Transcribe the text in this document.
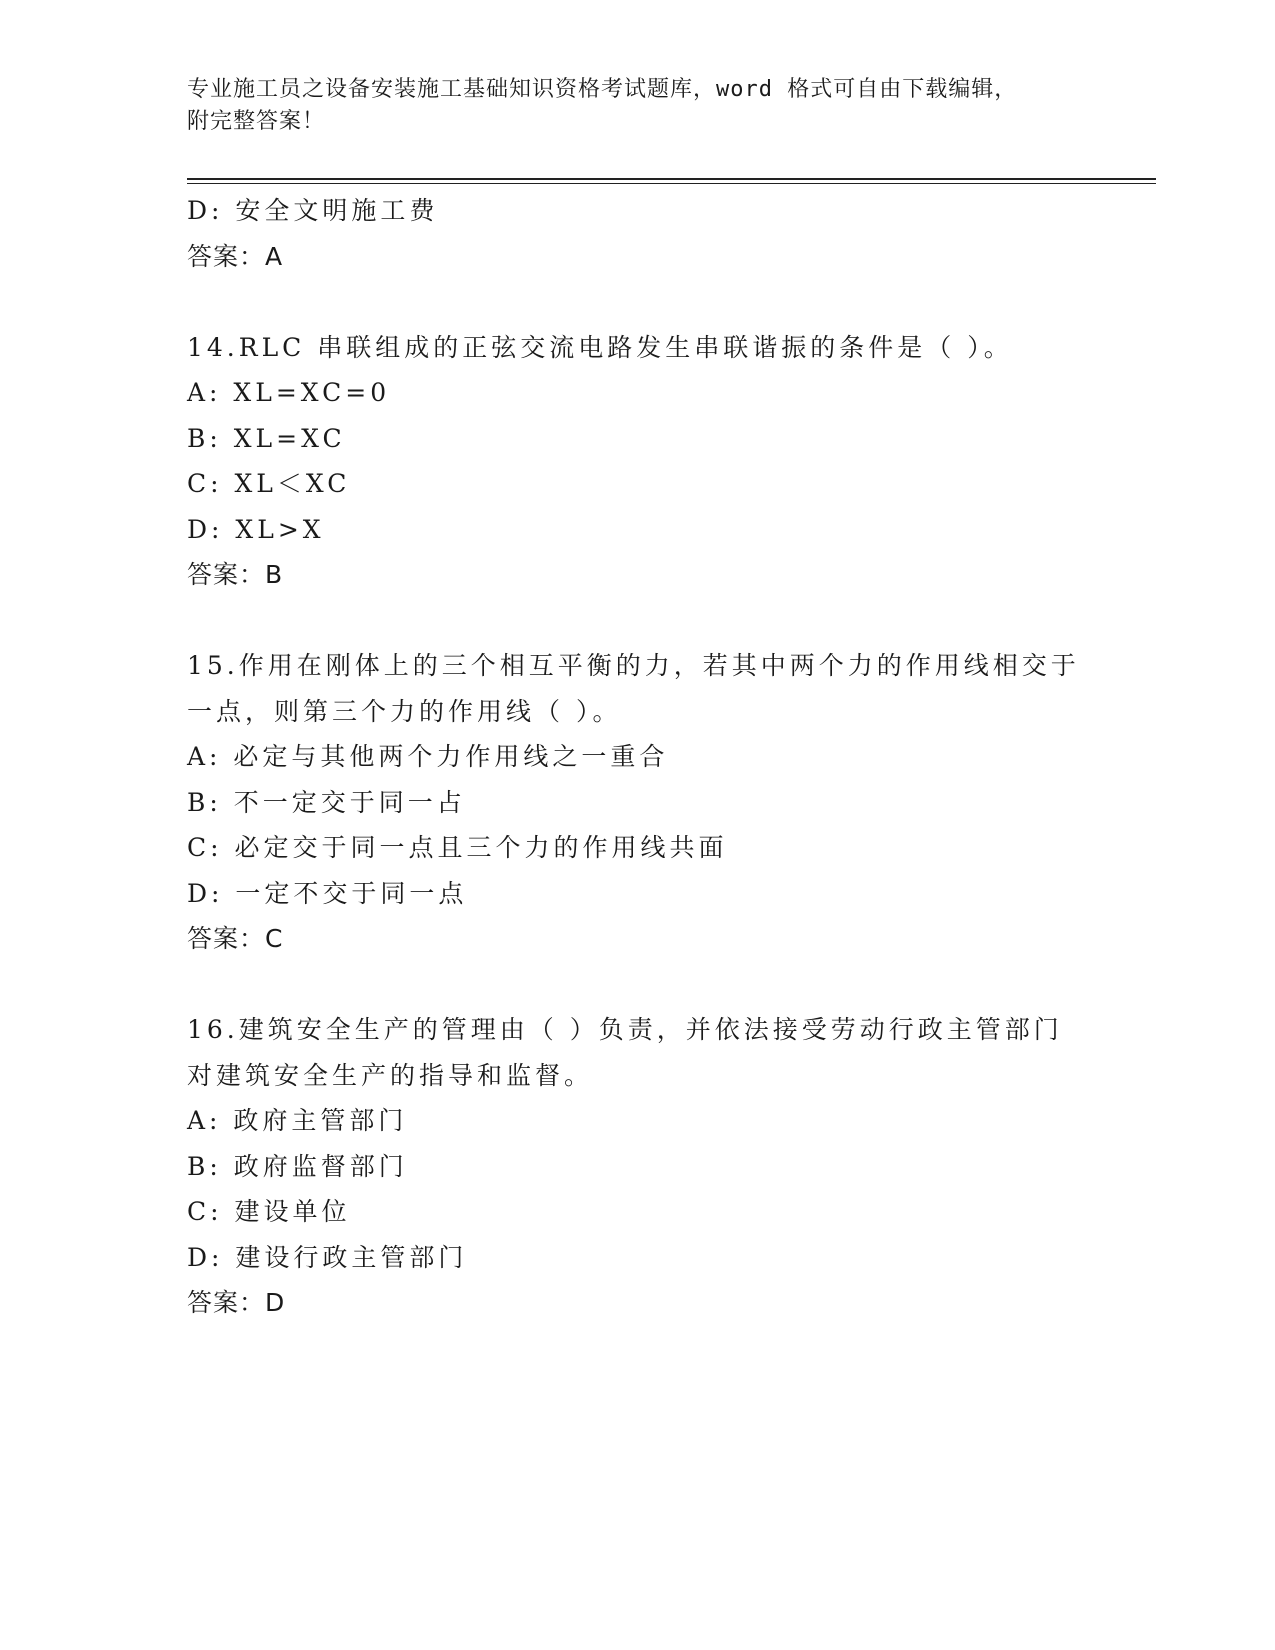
专业施工员之设备安装施工基础知识资格考试题库，word 格式可自由下载编辑，
附完整答案！
D: 安全文明施工费
答案：A
14.RLC 串联组成的正弦交流电路发生串联谐振的条件是（ ）。
A: XL=XC=0
B: XL=XC
C: XL＜XC
D: XL>X
答案：B
15.作用在刚体上的三个相互平衡的力，若其中两个力的作用线相交于
一点，则第三个力的作用线（ ）。
A: 必定与其他两个力作用线之一重合
B: 不一定交于同一占
C: 必定交于同一点且三个力的作用线共面
D: 一定不交于同一点
答案：C
16.建筑安全生产的管理由（ ）负责，并依法接受劳动行政主管部门
对建筑安全生产的指导和监督。
A: 政府主管部门
B: 政府监督部门
C: 建设单位
D: 建设行政主管部门
答案：D
